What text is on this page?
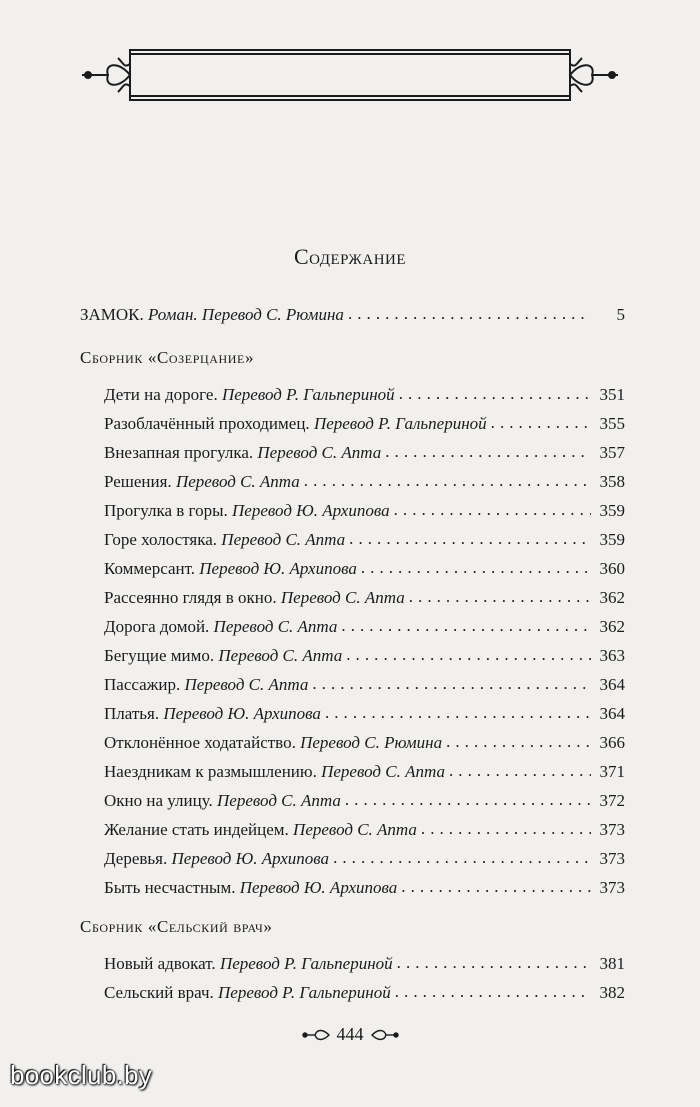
Содержание
ЗАМОК. Роман. Перевод С. Рюмина . . .	5
Сборник «Созерцание»
Дети на дороге. Перевод Р. Гальпериной . . .	351
Разоблачённый проходимец. Перевод Р. Гальпериной . . .	355
Внезапная прогулка. Перевод С. Апта . . .	357
Решения. Перевод С. Апта . . .	358
Прогулка в горы. Перевод Ю. Архипова . . .	359
Горе холостяка. Перевод С. Апта . . .	359
Коммерсант. Перевод Ю. Архипова . . .	360
Рассеянно глядя в окно. Перевод С. Апта . . .	362
Дорога домой. Перевод С. Апта . . .	362
Бегущие мимо. Перевод С. Апта . . .	363
Пассажир. Перевод С. Апта . . .	364
Платья. Перевод Ю. Архипова . . .	364
Отклонённое ходатайство. Перевод С. Рюмина . . .	366
Наездникам к размышлению. Перевод С. Апта . . .	371
Окно на улицу. Перевод С. Апта . . .	372
Желание стать индейцем. Перевод С. Апта . . .	373
Деревья. Перевод Ю. Архипова . . .	373
Быть несчастным. Перевод Ю. Архипова . . .	373
Сборник «Сельский врач»
Новый адвокат. Перевод Р. Гальпериной . . .	381
Сельский врач. Перевод Р. Гальпериной . . .	382
444
bookclub.by
